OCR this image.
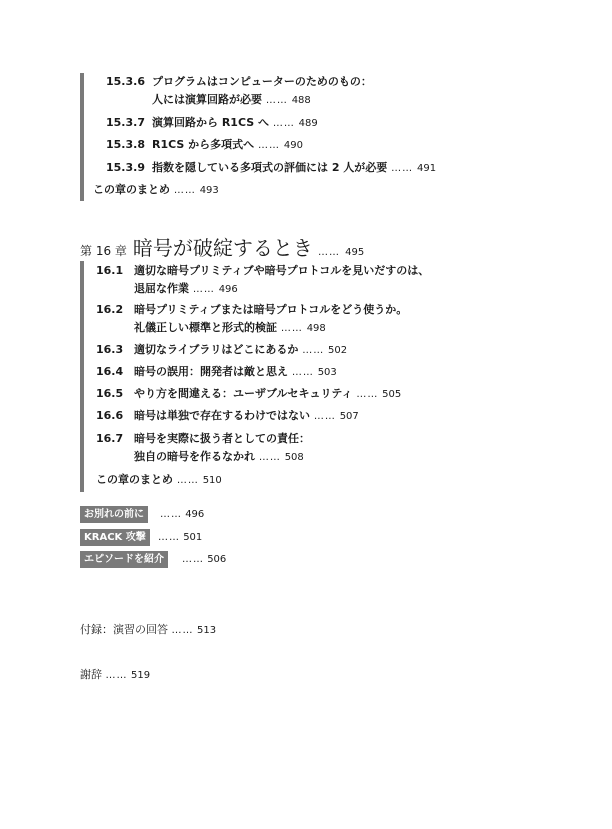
15.3.6 プログラムはコンピューターのためのもの：
人には演算回路が必要 …… 488
15.3.7 演算回路から R1CS へ …… 489
15.3.8 R1CS から多項式へ …… 490
15.3.9 指数を隠している多項式の評価には 2 人が必要 …… 491
この章のまとめ …… 493
第 16 章 暗号が破綻するとき …… 495
16.1 適切な暗号プリミティブや暗号プロトコルを見いだすのは、
退屈な作業 …… 496
16.2 暗号プリミティブまたは暗号プロトコルをどう使うか。
礼儀正しい標準と形式的検証 …… 498
16.3 適切なライブラリはどこにあるか …… 502
16.4 暗号の誤用：開発者は敵と思え …… 503
16.5 やり方を間違える：ユーザブルセキュリティ …… 505
16.6 暗号は単独で存在するわけではない …… 507
16.7 暗号を実際に扱う者としての責任：
独自の暗号を作るなかれ …… 508
この章のまとめ …… 510
お別れの前に	…… 496
KRACK 攻撃	…… 501
エピソードを紹介	…… 506
付録：演習の回答 …… 513
謝辞 …… 519
